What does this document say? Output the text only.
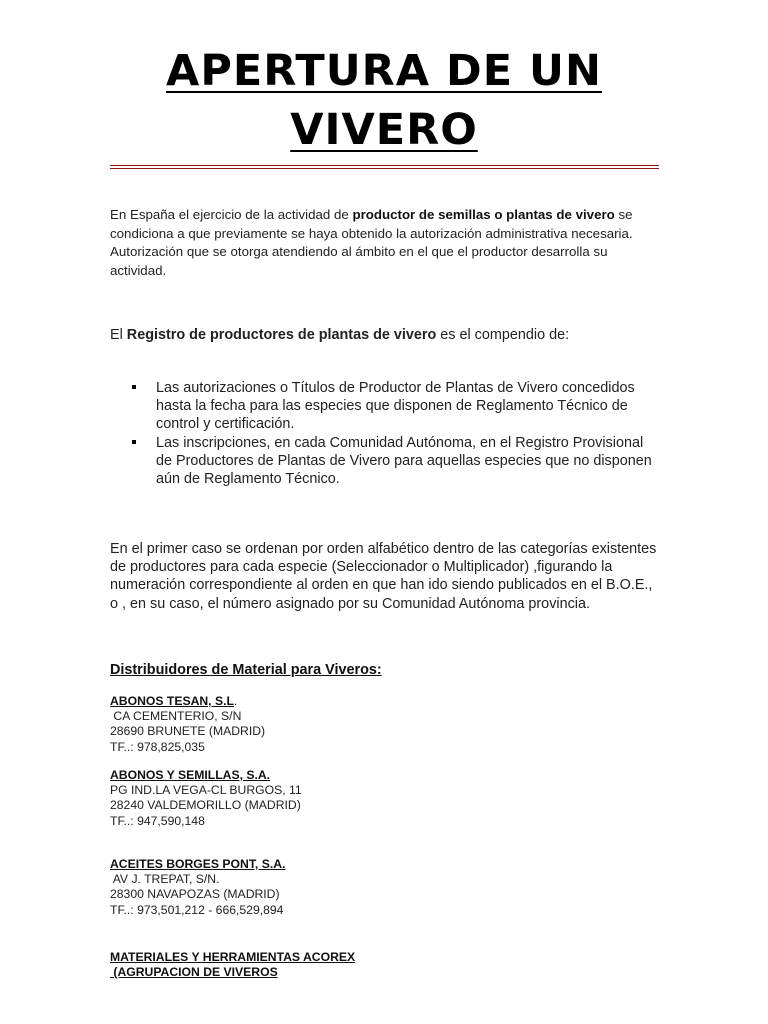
APERTURA DE UN
VIVERO

En España el ejercicio de la actividad de productor de semillas o plantas de vivero se condiciona a que previamente se haya obtenido la autorización administrativa necesaria. Autorización que se otorga atendiendo al ámbito en el que el productor desarrolla su actividad.

El Registro de productores de plantas de vivero es el compendio de:

Las autorizaciones o Títulos de Productor de Plantas de Vivero concedidos hasta la fecha para las especies que disponen de Reglamento Técnico de control y certificación.
Las inscripciones, en cada Comunidad Autónoma, en el Registro Provisional de Productores de Plantas de Vivero para aquellas especies que no disponen aún de Reglamento Técnico.

En el primer caso se ordenan por orden alfabético dentro de las categorías existentes de productores para cada especie (Seleccionador o Multiplicador) ,figurando la numeración correspondiente al orden en que han ido siendo publicados en el B.O.E., o , en su caso, el número asignado por su Comunidad Autónoma provincia.

Distribuidores de Material para Viveros:
ABONOS TESAN, S.L.
CA CEMENTERIO, S/N
28690 BRUNETE (MADRID)
TF..: 978,825,035
ABONOS Y SEMILLAS, S.A.
PG IND.LA VEGA-CL BURGOS, 11
28240 VALDEMORILLO (MADRID)
TF..: 947,590,148
ACEITES BORGES PONT, S.A.
AV J. TREPAT, S/N.
28300 NAVAPOZAS (MADRID)
TF..: 973,501,212 - 666,529,894
MATERIALES Y HERRAMIENTAS ACOREX
(AGRUPACION DE VIVEROS
